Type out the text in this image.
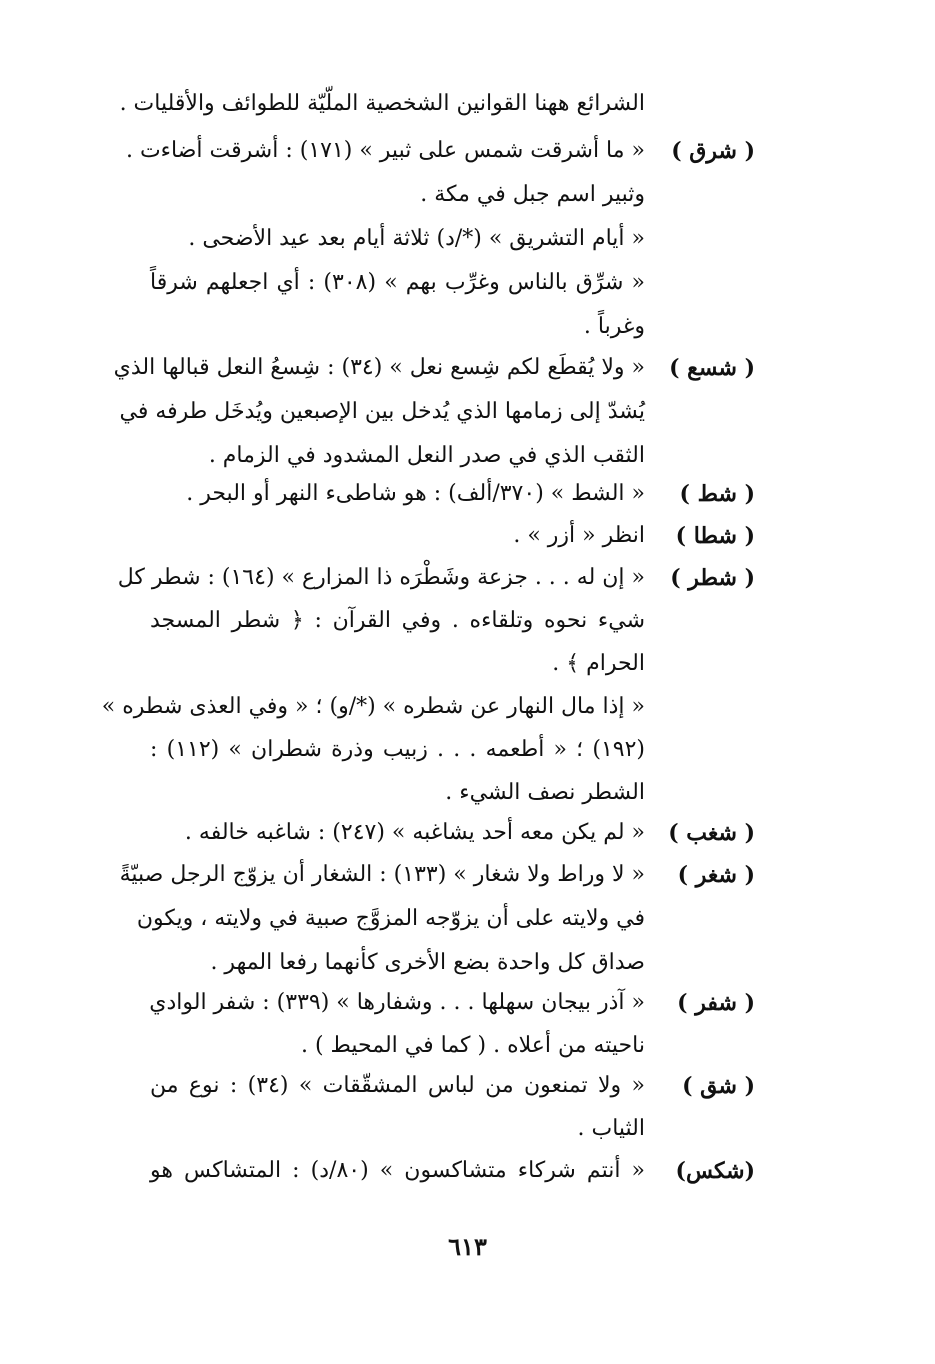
الشرائع ههنا القوانين الشخصية الملّيّة للطوائف والأقليات .
( شرق )
« ما أشرقت شمس على ثبير » (١٧١) : أشرقت أضاءت .
وثبير اسم جبل في مكة .
« أيام التشريق » (*/د) ثلاثة أيام بعد عيد الأضحى .
« شرِّق بالناس وغرِّب بهم » (٣٠٨) : أي اجعلهم شرقاً
وغرباً .
( شسع )
« ولا يُقطَع لكم شِسع نعل » (٣٤) : شِسعُ النعل قبالها الذي
يُشدّ إلى زمامها الذي يُدخل بين الإصبعين ويُدخَل طرفه في
الثقب الذي في صدر النعل المشدود في الزمام .
( شط )
« الشط » (٣٧٠/ألف) : هو شاطىء النهر أو البحر .
( شطا )
انظر « أزر » .
( شطر )
« إن له . . . جزعة وشَطْرَه ذا المزارع » (١٦٤) : شطر كل
شيء نحوه وتلقاءه . وفي القرآن : ﴿ شطر المسجد
الحرام ﴾ .
« إذا مال النهار عن شطره » (*/و) ؛ « وفي العذى شطره »
(١٩٢) ؛ « أطعمه . . . زبيب وذرة شطران » (١١٢) :
الشطر نصف الشيء .
( شغب )
« لم يكن معه أحد يشاغبه » (٢٤٧) : شاغبه خالفه .
( شغر )
« لا وراط ولا شغار » (١٣٣) : الشغار أن يزوّج الرجل صبيّةً
في ولايته على أن يزوّجه المزوَّج صبية في ولايته ، ويكون
صداق كل واحدة بضع الأخرى كأنهما رفعا المهر .
( شفر )
« آذر بيجان سهلها . . . وشفارها » (٣٣٩) : شفر الوادي
ناحيته من أعلاه . ( كما في المحيط ) .
( شق )
« ولا تمنعون من لباس المشقّقات » (٣٤) : نوع من
الثياب .
(شكس)
« أنتم شركاء متشاكسون » (٨٠/د) : المتشاكس هو
٦١٣
